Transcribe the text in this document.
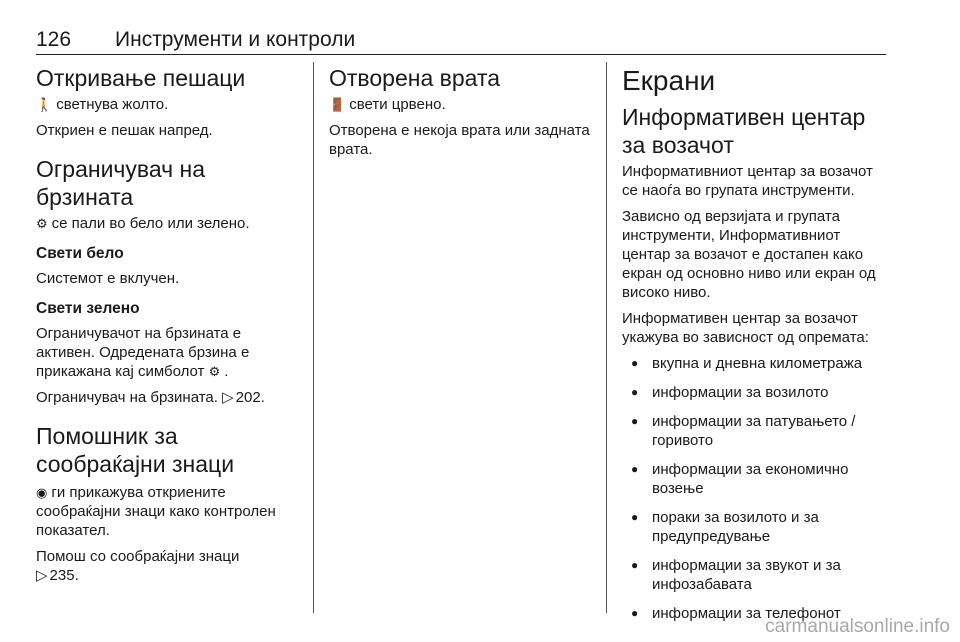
126 Инструменти и контроли
Откривање пешаци

🚶 светнува жолто.

Откриен е пешак напред.

Ограничувач на брзината

⚙ се пали во бело или зелено.

Свети бело

Системот е вклучен.

Свети зелено

Ограничувачот на брзината е активен. Одредената брзина е прикажана кај симболот ⚙ .

Ограничувач на брзината. ▷ 202.

Помошник за сообраќајни знаци

◉ ги прикажува откриените сообраќајни знаци како контролен показател.

Помош со сообраќајни знаци
▷ 235.

Отворена врата

🚪 свети црвено.

Отворена е некоја врата или задната врата.

Екрани
Информативен центар за возачот

Информативниот центар за возачот се наоѓа во групата инструменти.

Зависно од верзијата и групата инструменти, Информативниот центар за возачот е достапен како екран од основно ниво или екран од високо ниво.

Информативен центар за возачот укажува во зависност од опремата:

● вкупна и дневна километража
● информации за возилото
● информации за патувањето / горивото
● информации за економично возење
● пораки за возилото и за предупредување
● информации за звукот и за инфозабавата
● информации за телефонот
carmanualsonline.info
